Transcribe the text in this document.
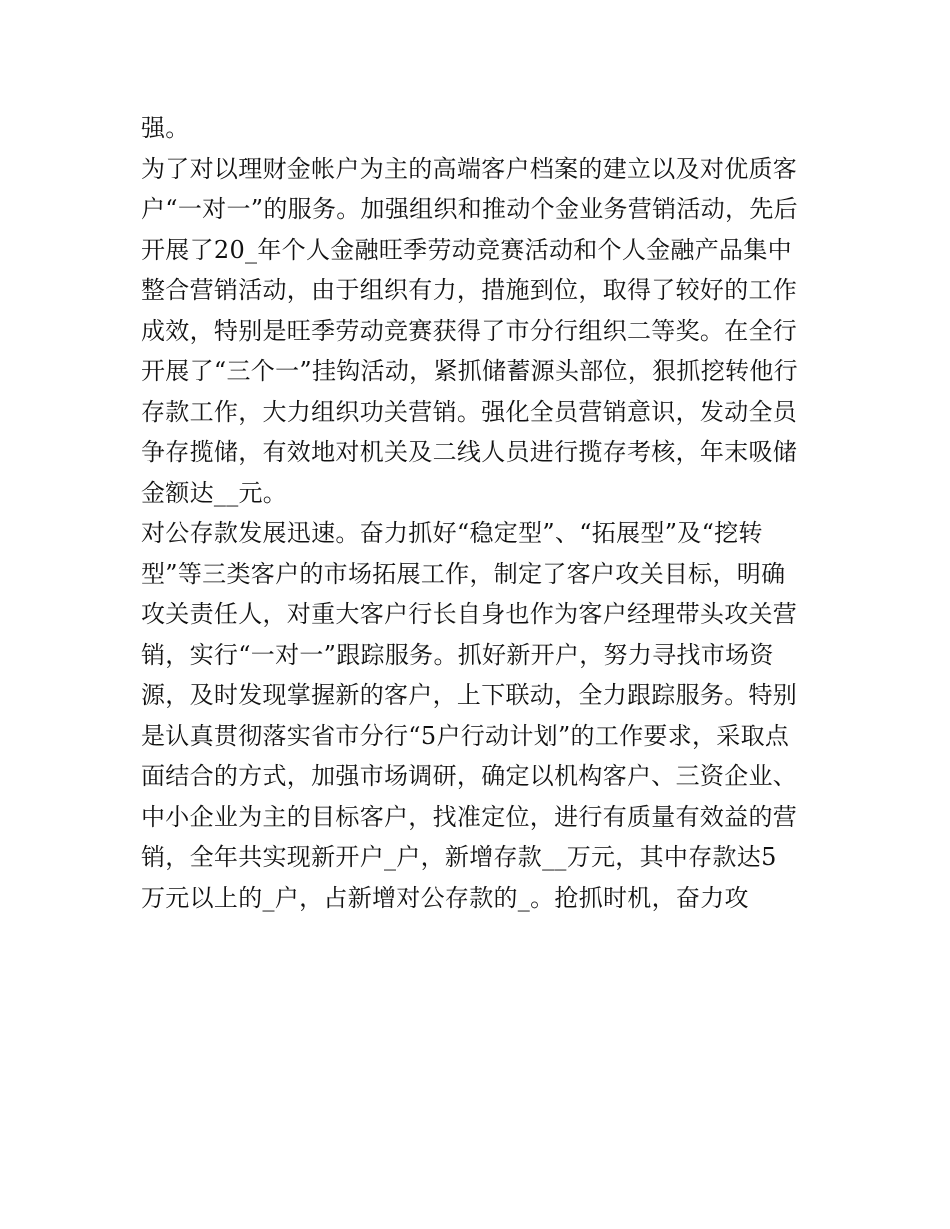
强。
为了对以理财金帐户为主的高端客户档案的建立以及对优质客
户“一对一”的服务。加强组织和推动个金业务营销活动，先后
开展了20_年个人金融旺季劳动竞赛活动和个人金融产品集中
整合营销活动，由于组织有力，措施到位，取得了较好的工作
成效，特别是旺季劳动竞赛获得了市分行组织二等奖。在全行
开展了“三个一”挂钩活动，紧抓储蓄源头部位，狠抓挖转他行
存款工作，大力组织功关营销。强化全员营销意识，发动全员
争存揽储，有效地对机关及二线人员进行揽存考核，年末吸储
金额达__元。
对公存款发展迅速。奋力抓好“稳定型”、“拓展型”及“挖转
型”等三类客户的市场拓展工作，制定了客户攻关目标，明确
攻关责任人，对重大客户行长自身也作为客户经理带头攻关营
销，实行“一对一”跟踪服务。抓好新开户，努力寻找市场资
源，及时发现掌握新的客户，上下联动，全力跟踪服务。特别
是认真贯彻落实省市分行“5户行动计划”的工作要求，采取点
面结合的方式，加强市场调研，确定以机构客户、三资企业、
中小企业为主的目标客户，找准定位，进行有质量有效益的营
销，全年共实现新开户_户，新增存款__万元，其中存款达5
万元以上的_户，占新增对公存款的_。抢抓时机，奋力攻
